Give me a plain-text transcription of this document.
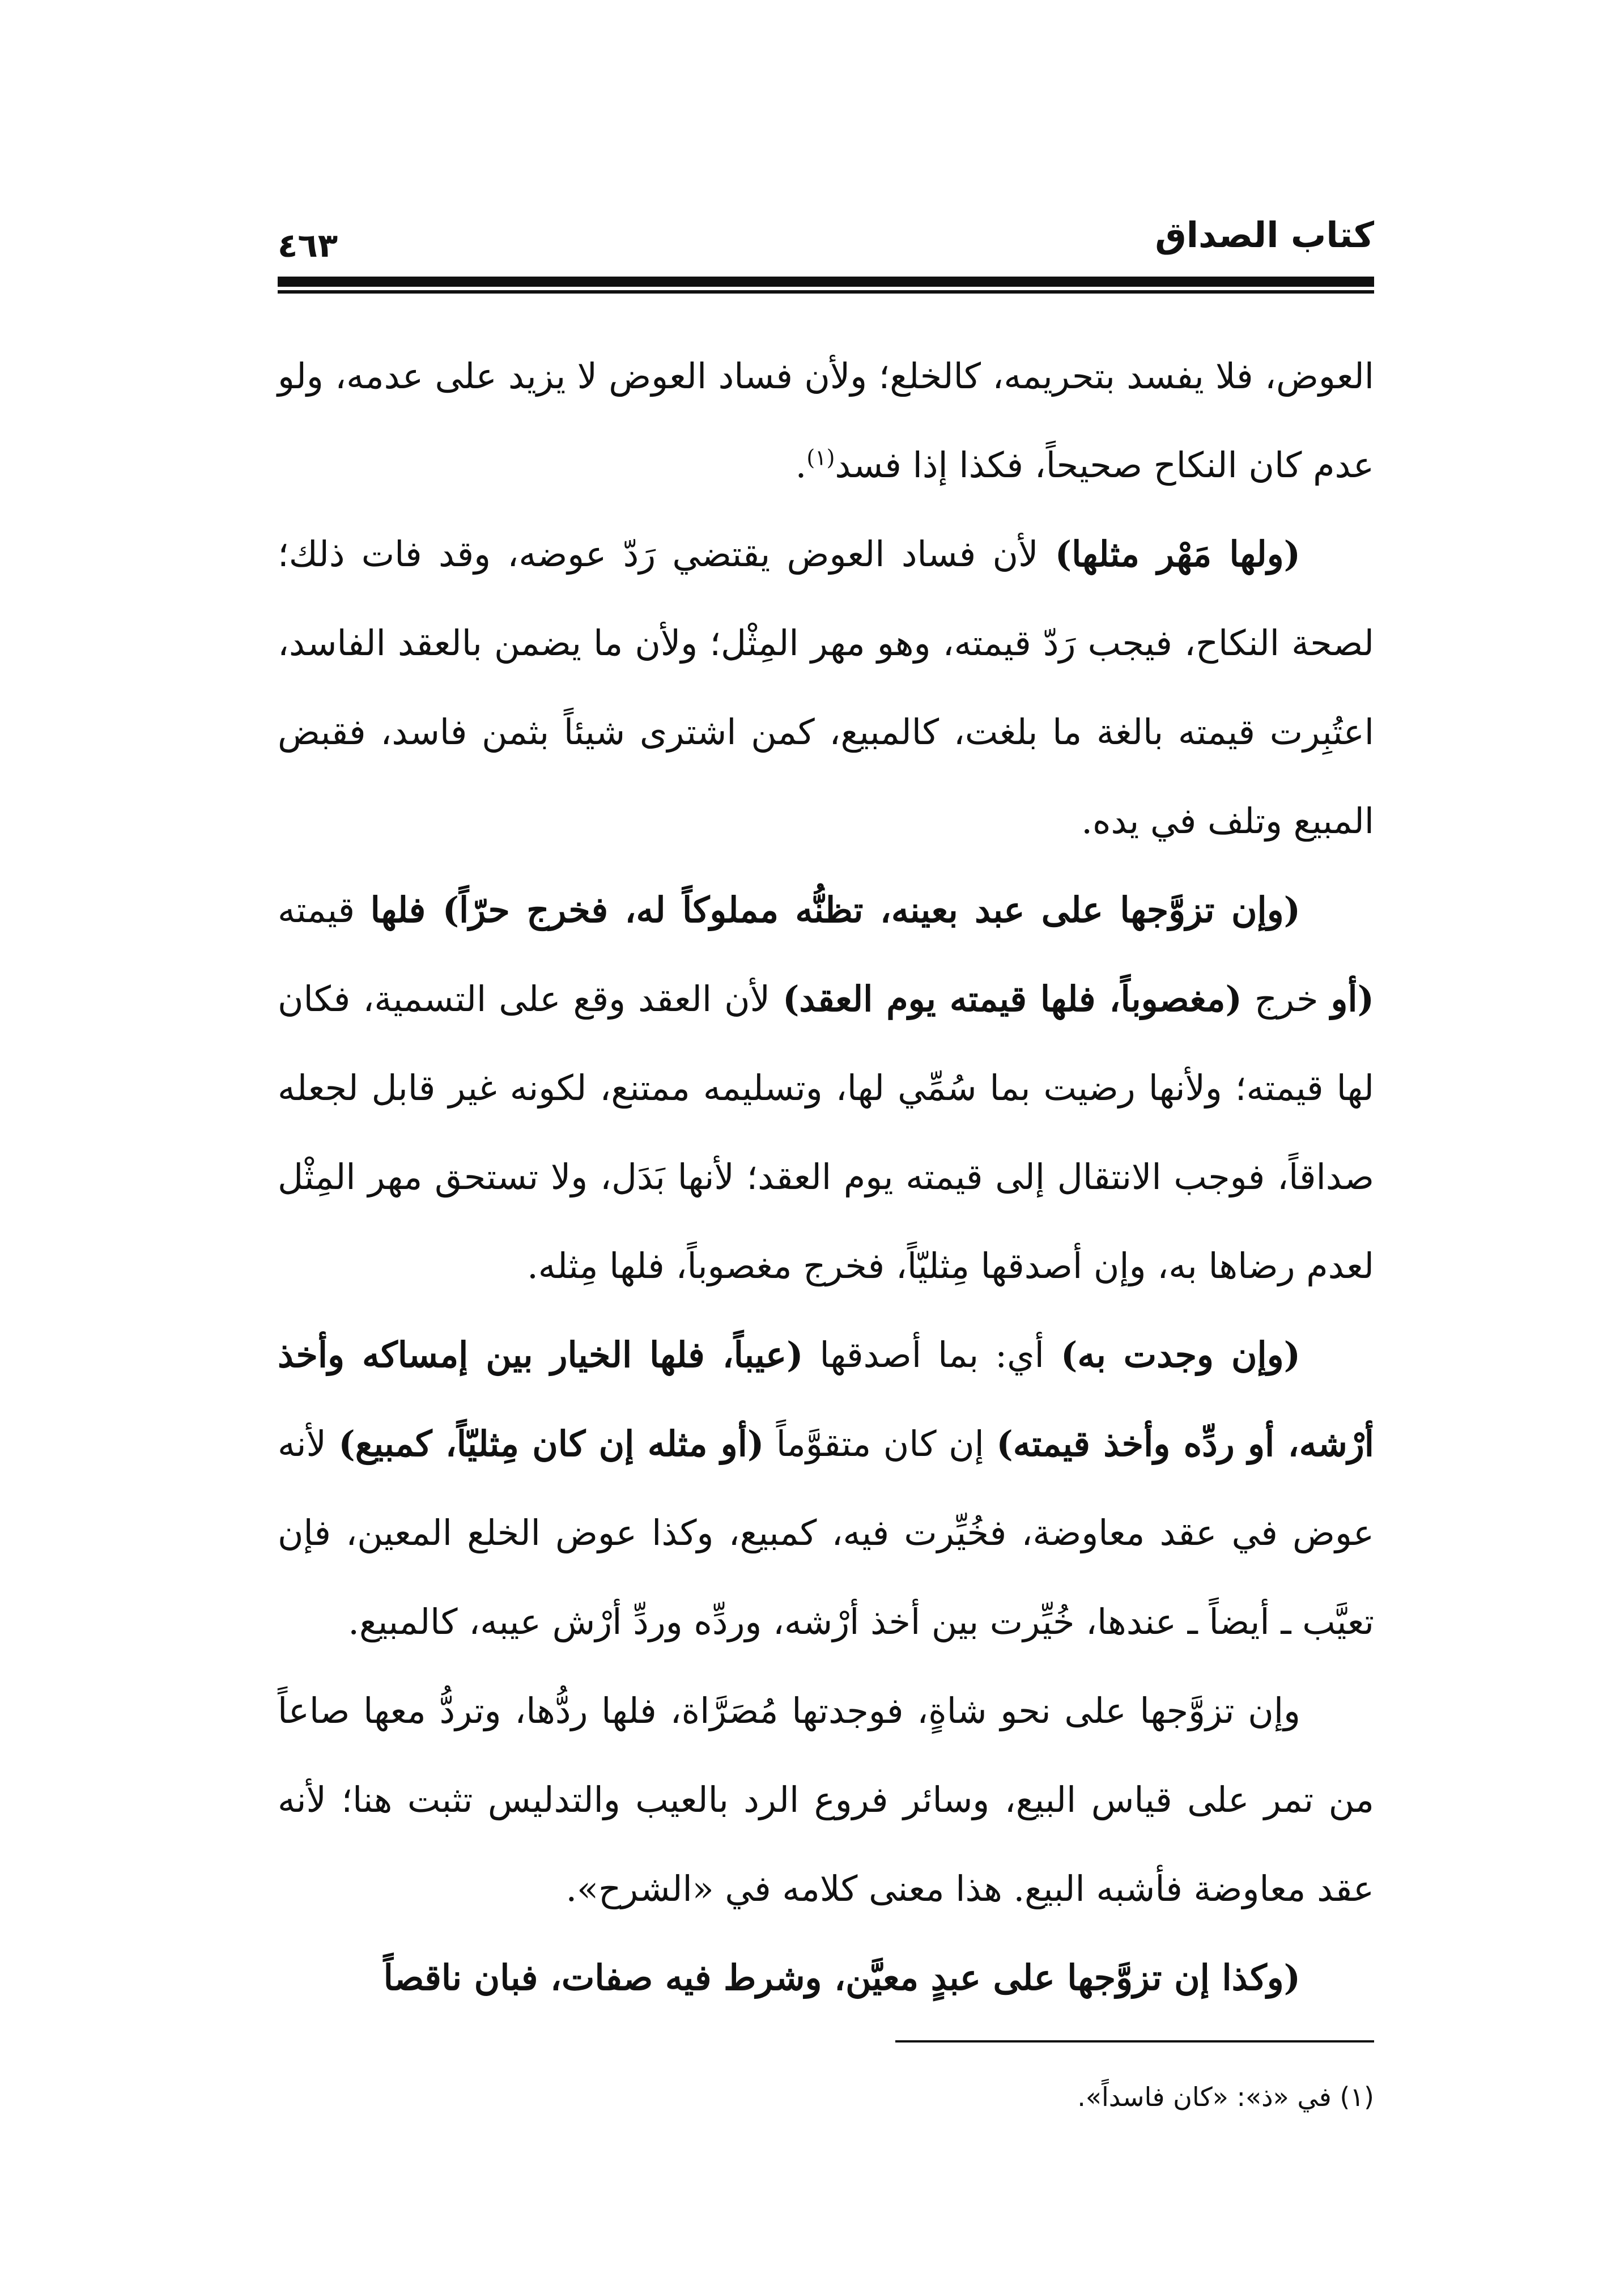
كتاب الصداق
٤٦٣

العوض، فلا يفسد بتحريمه، كالخلع؛ ولأن فساد العوض لا يزيد على عدمه، ولو عدم كان النكاح صحيحاً، فكذا إذا فسد$^{(١)}$.

(ولها مَهْر مثلها) لأن فساد العوض يقتضي رَدّ عوضه، وقد فات ذلك؛ لصحة النكاح، فيجب رَدّ قيمته، وهو مهر المِثْل؛ ولأن ما يضمن بالعقد الفاسد، اعتُبِرت قيمته بالغة ما بلغت، كالمبيع، كمن اشترى شيئاً بثمن فاسد، فقبض المبيع وتلف في يده.

(وإن تزوَّجها على عبد بعينه، تظنُّه مملوكاً له، فخرج حرّاً) فلها قيمته (أو خرج (مغصوباً، فلها قيمته يوم العقد) لأن العقد وقع على التسمية، فكان لها قيمته؛ ولأنها رضيت بما سُمِّي لها، وتسليمه ممتنع، لكونه غير قابل لجعله صداقاً، فوجب الانتقال إلى قيمته يوم العقد؛ لأنها بَدَل، ولا تستحق مهر المِثْل لعدم رضاها به، وإن أصدقها مِثليّاً، فخرج مغصوباً، فلها مِثله.

(وإن وجدت به) أي: بما أصدقها (عيباً، فلها الخيار بين إمساكه وأخذ أرْشه، أو ردِّه وأخذ قيمته) إن كان متقوَّماً (أو مثله إن كان مِثليّاً، كمبيع) لأنه عوض في عقد معاوضة، فخُيِّرت فيه، كمبيع، وكذا عوض الخلع المعين، فإن تعيَّب ـ أيضاً ـ عندها، خُيِّرت بين أخذ أرْشه، وردِّه وردِّ أرْش عيبه، كالمبيع.

وإن تزوَّجها على نحو شاةٍ، فوجدتها مُصَرَّاة، فلها ردُّها، وتردُّ معها صاعاً من تمر على قياس البيع، وسائر فروع الرد بالعيب والتدليس تثبت هنا؛ لأنه عقد معاوضة فأشبه البيع. هذا معنى كلامه في «الشرح».

(وكذا إن تزوَّجها على عبدٍ معيَّن، وشرط فيه صفات، فبان ناقصاً

(١) في «ذ»: «كان فاسداً».
